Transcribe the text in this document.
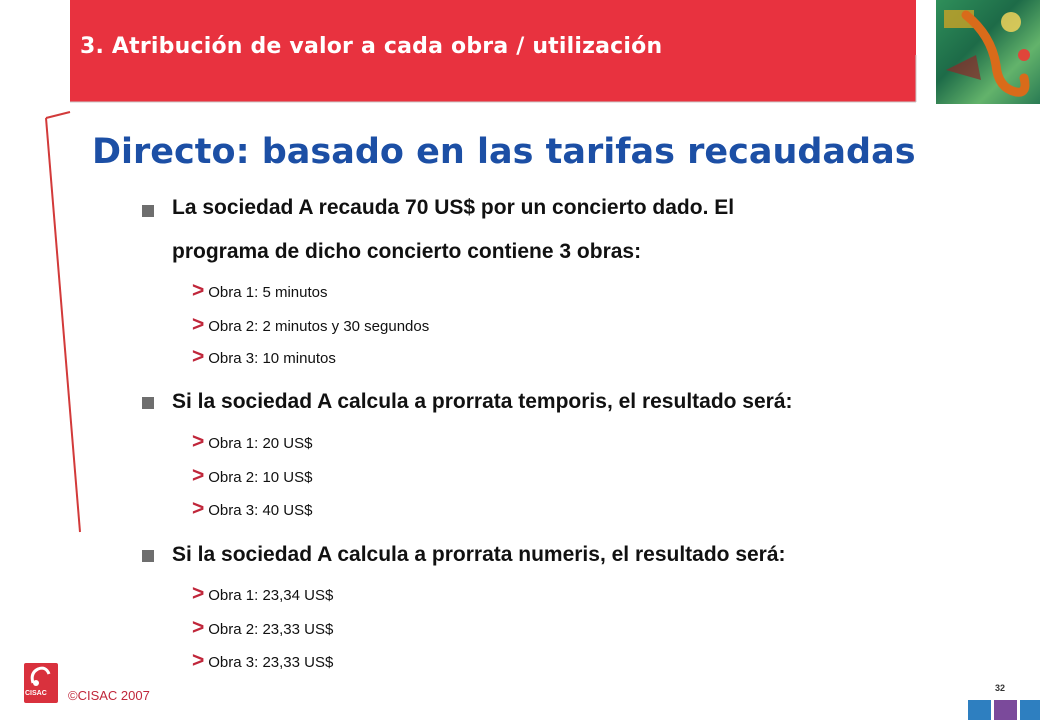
3. Atribución de valor a cada obra / utilización
Directo: basado en las tarifas recaudadas
La sociedad A recauda 70 US$ por un concierto dado. El
programa de dicho concierto contiene 3 obras:
> Obra 1: 5 minutos
> Obra 2: 2 minutos y 30 segundos
> Obra 3: 10 minutos
Si la sociedad A calcula a prorrata temporis, el resultado será:
> Obra 1: 20 US$
> Obra 2: 10 US$
> Obra 3: 40 US$
Si la sociedad A calcula a prorrata numeris, el resultado será:
> Obra 1: 23,34 US$
> Obra 2: 23,33 US$
> Obra 3: 23,33 US$
CISAC ©CISAC 2007	32
